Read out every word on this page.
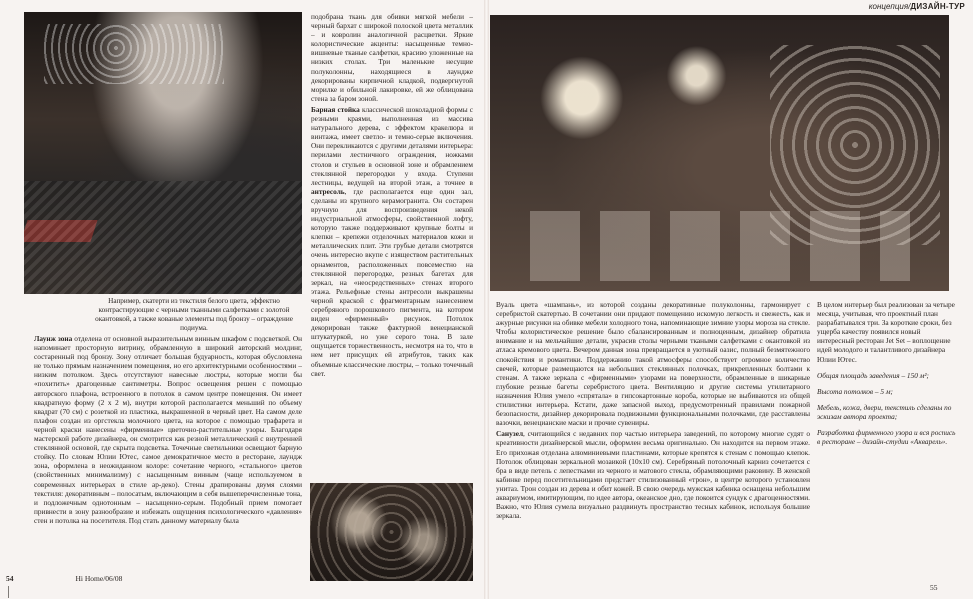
концепция/ДИЗАЙН-ТУР
Например, скатерти из текстиля белого цвета, эффектно контрастирующие с черными тканными салфетками с золотой окантовкой, а также кованые элементы под бронзу – ограждение подиума.

Лаунж зона отделена от основной выразительным винным шкафом с подсветкой. Он напоминает просторную витрину, обрамленную в широкий авторский молдинг, состаренный под бронзу. Зону отличает большая будуарность, которая обусловлена не только прямым назначением помещения, но его архитектурными особенностями – низким потолком. Здесь отсутствуют навесные люстры, которые могли бы «похитить» драгоценные сантиметры. Вопрос освещения решен с помощью авторского плафона, встроенного в потолок в самом центре помещения. Он имеет квадратную форму (2 х 2 м), внутри которой располагается меньший по объему квадрат (70 см) с розеткой из пластика, выкрашенной в черный цвет. На самом деле плафон создан из оргстекла молочного цвета, на которое с помощью трафарета и черной краски нанесены «фирменные» цветочно-растительные узоры. Благодаря мастерской работе дизайнера, он смотрится как резной металлический с внутренней стеклянной основой, где скрыта подсветка. Точечные светильники освещают барную стойку. По словам Юлии Ютес, самое демократичное место в ресторане, лаундж зона, оформлена в неожиданном колоре: сочетание черного, «стального» цветов (свойственных минимализму) с насыщенным винным (чаще используемом в современных интерьерах в стиле ар-деко). Стены драпированы двумя слоями текстиля: декоративным – полосатым, включающим в себя вышеперечисленные тона, и подложечным однотонным – насыщенно-серым. Подобный прием помогает привнести в зону разнообразие и избежать ощущения психологического «давления» стен и потолка на посетителя. Под стать данному материалу была

подобрана ткань для обивки мягкой мебели – черный бархат с широкой полоской цвета металлик – и ковролин аналогичной расцветки. Яркие колористические акценты: насыщенные темно-вишневые тканые салфетки, красиво уложенные на низких столах. Три маленькие несущие полуколонны, находящиеся в лаундже декорированы кирпичной кладкой, подвергнутой морилке и обильной лакировке, ей же облицована стена за баром зоной.

Барная стойка классической шоколадной формы с резными краями, выполненная из массива натурального дерева, с эффектом кракелюра и винтажа, имеет светло- и темно-серые включения. Они перекликаются с другими деталями интерьера: перилами лестничного ограждения, ножками столов и стульев в основной зоне и обрамлением стеклянной перегородки у входа. Ступени лестницы, ведущей на второй этаж, а точнее в антресоль, где располагается еще один зал, сделаны из крупного керамогранита. Он состарен вручную для воспроизведения некой индустриальной атмосферы, свойственной лофту, которую также поддерживают крупные болты и клепки – крепежи отделочных материалов кожи и металлических плит. Эти грубые детали смотрятся очень интересно вкупе с изяществом растительных орнаментов, расположенных повсеместно на стеклянной перегородке, резных багетах для зеркал, на «неосредственных» стенах второго этажа. Рельефные стены антресоли выкрашены черной краской с фрагментарным нанесением серебряного порошкового пигмента, на котором виден «фирменный» рисунок. Потолок декорирован также фактурной венецианской штукатуркой, но уже серого тона. В зале ощущается торжественность, несмотря на то, что в нем нет присущих ей атрибутов, таких как объемные классические люстры, – только точечный свет.

Вуаль цвета «шампань», из которой созданы декоративные полуколонны, гармонирует с серебристой скатертью. В сочетании они придают помещению искомую легкость и свежесть, как и ажурные рисунки на обивке мебели холодного тона, напоминающие зимние узоры мороза на стекле. Чтобы колористическое решение было сбалансированным и полноценным, дизайнер обратила внимание и на мельчайшие детали, украсив столы черными ткаными салфетками с окантовкой из атласа кремового цвета. Вечером данная зона превращается в уютный оазис, полный безмятежного спокойствия и романтики. Поддержанию такой атмосферы способствует огромное количество свечей, которые размещаются на небольших стеклянных полочках, прикрепленных болтами к стенам. А также зеркала с «фирменными» узорами на поверхности, обрамленные в шикарные глубокие резные багеты серебристого цвета. Вентиляцию и другие системы утилитарного назначения Юлия умело «спрятала» в гипсокартонные короба, которые не выбиваются из общей стилистики интерьера. Кстати, даже запасной выход, предусмотренный правилами пожарной безопасности, дизайнер декорировала подвижными функциональными полочками, где расставлены вазочки, венецианские маски и прочие сувениры.

Санузел, считающийся с недавних пор частью интерьера заведений, по которому многие судят о креативности дизайнерской мысли, оформлен весьма оригинально. Он находится на первом этаже. Его прихожая отделана алюминиевыми пластинами, которые крепятся к стенам с помощью клепок. Потолок облицован зеркальной мозаикой (10х10 см). Серебряный потолочный карниз сочетается с бра в виде петель с лепестками из черного и матового стекла, обрамляющими раковину. В женской кабинке перед посетительницами предстает стилизованный «трон», в центре которого установлен унитаз. Трон создан из дерева и обит кожей. В свою очередь мужская кабинка оснащена небольшим аквариумом, имитирующим, по идее автора, океанское дно, где покоится сундук с драгоценностями. Важно, что Юлия сумела визуально раздвинуть пространство тесных кабинок, используя большие зеркала.

В целом интерьер был реализован за четыре месяца, учитывая, что проектный план разрабатывался три. За короткие сроки, без ущерба качеству появился новый интересный ресторан Jet Set – воплощение идей молодого и талантливого дизайнера Юлии Ютес.

Общая площадь заведения – 150 м²;

Высота потолков – 5 м;

Мебель, кожа, двери, текстиль сделаны по эскизам автора проекта;

Разработка фирменного узора и вся роспись в ресторане – дизайн-студии «Акварель».

54	Hi Home/06/08
55
